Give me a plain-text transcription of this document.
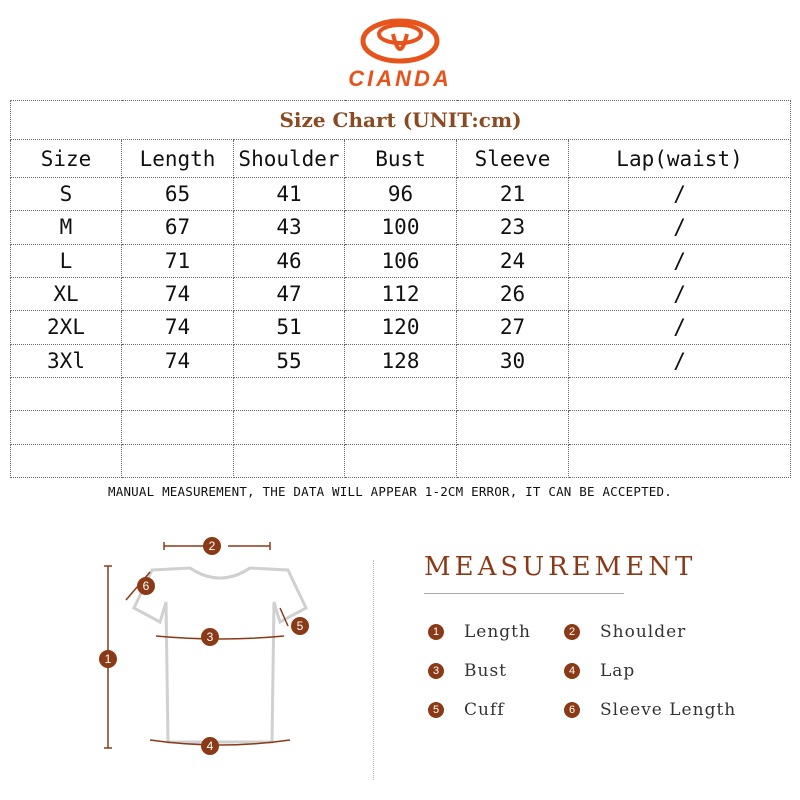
CIANDA
Size Chart (UNIT:cm)					
Size	Length	Shoulder	Bust	Sleeve	Lap(waist)
S	65	41	96	21	/
M	67	43	100	23	/
L	71	46	106	24	/
XL	74	47	112	26	/
2XL	74	51	120	27	/
3Xl	74	55	128	30	/

MANUAL MEASUREMENT, THE DATA WILL APPEAR 1-2CM ERROR, IT CAN BE ACCEPTED.
1
2
3
4
5
6
MEASUREMENT
1 Length	2 Shoulder
3 Bust	4 Lap
5 Cuff	6 Sleeve Length
